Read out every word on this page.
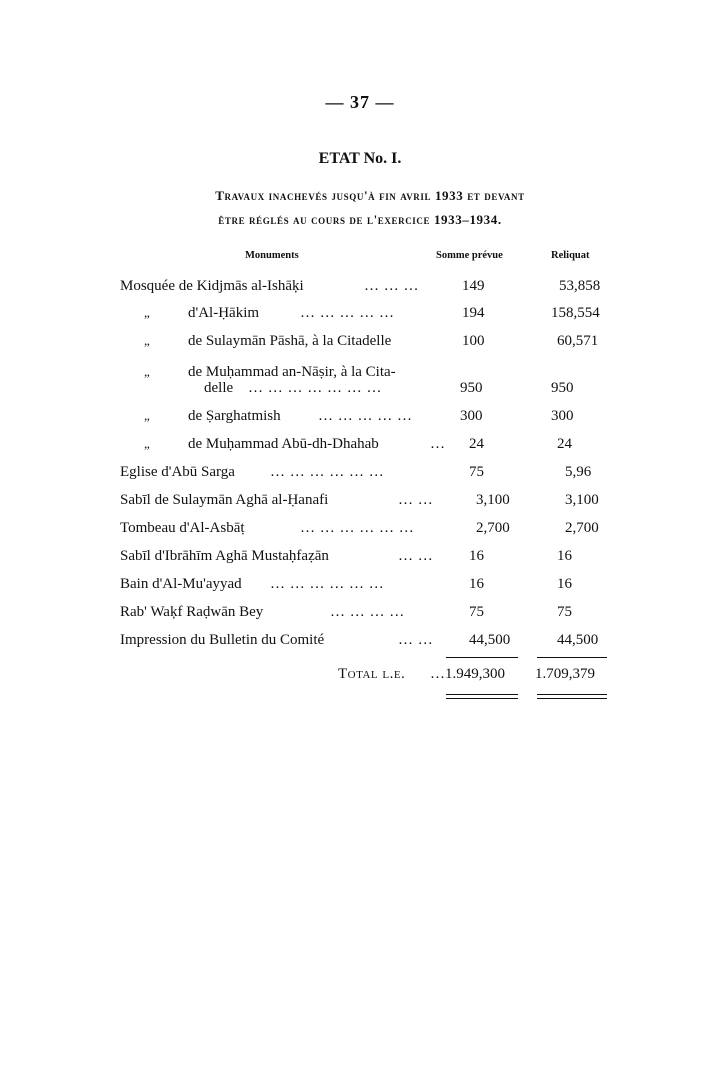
— 37 —
ETAT No. I.
Travaux inachevés jusqu'à fin avril 1933 et devant
être réglés au cours de l'exercice 1933–1934.
Monuments	Somme prévue	Reliquat
Mosquée de Kidjmās al-Ishāķi	… … …	149	53,858
„	d'Al-Ḥākim	… … … … …	194	158,554
„	de Sulaymān Pāshā, à la Citadelle	100	60,571
„	de Muḥammad an-Nāṣir, à la Cita-
delle … … … … … … …	950	950
„	de Ṣarghatmish … … … … …	300	300
„	de Muḥammad Abū-dh-Dhahab	… 24	24
Eglise d'Abū Sarga … … … … … …	75	5,96
Sabīl de Sulaymān Aghā al-Ḥanafi	… …	3,100	3,100
Tombeau d'Al-Asbāṭ	… … … … … …	2,700	2,700
Sabīl d'Ibrāhīm Aghā Mustaḥfaẓān	… … 16	16
Bain d'Al-Mu'ayyad … … … … … …	16	16
Rab' Waķf Raḍwān Bey	… … … …	75	75
Impression du Bulletin du Comité	… … 44,500	44,500
Total l.e. …1.949,300 1.709,379
